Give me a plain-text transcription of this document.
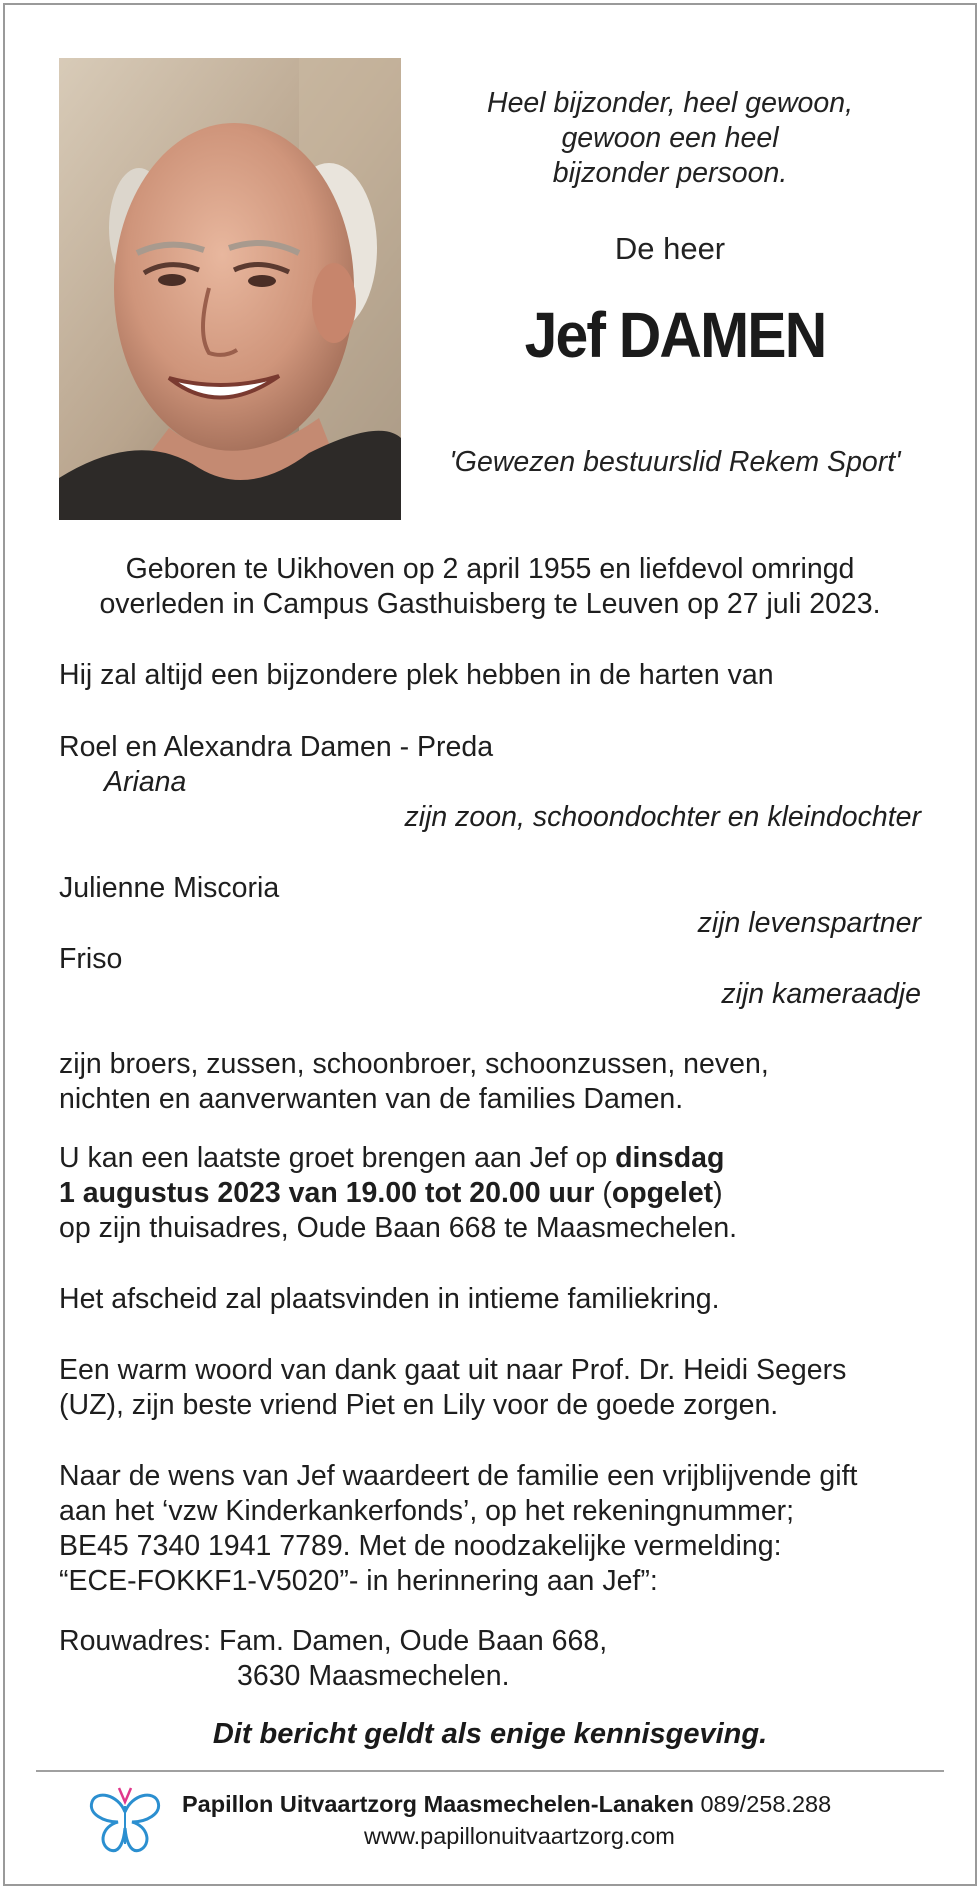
Heel bijzonder, heel gewoon,
gewoon een heel
bijzonder persoon.
De heer
Jef DAMEN
'Gewezen bestuurslid Rekem Sport'
Geboren te Uikhoven op 2 april 1955 en liefdevol omringd
overleden in Campus Gasthuisberg te Leuven op 27 juli 2023.
Hij zal altijd een bijzondere plek hebben in de harten van
Roel en Alexandra Damen - Preda
Ariana
zijn zoon, schoondochter en kleindochter
Julienne Miscoria
zijn levenspartner
Friso
zijn kameraadje
zijn broers, zussen, schoonbroer, schoonzussen, neven,
nichten en aanverwanten van de families Damen.
U kan een laatste groet brengen aan Jef op dinsdag
1 augustus 2023 van 19.00 tot 20.00 uur (opgelet)
op zijn thuisadres, Oude Baan 668 te Maasmechelen.
Het afscheid zal plaatsvinden in intieme familiekring.
Een warm woord van dank gaat uit naar Prof. Dr. Heidi Segers
(UZ), zijn beste vriend Piet en Lily voor de goede zorgen.
Naar de wens van Jef waardeert de familie een vrijblijvende gift
aan het ‘vzw Kinderkankerfonds’, op het rekeningnummer;
BE45 7340 1941 7789. Met de noodzakelijke vermelding:
“ECE-FOKKF1-V5020”- in herinnering aan Jef”:
Rouwadres: Fam. Damen, Oude Baan 668,
3630 Maasmechelen.
Dit bericht geldt als enige kennisgeving.
Papillon Uitvaartzorg Maasmechelen-Lanaken 089/258.288
www.papillonuitvaartzorg.com
